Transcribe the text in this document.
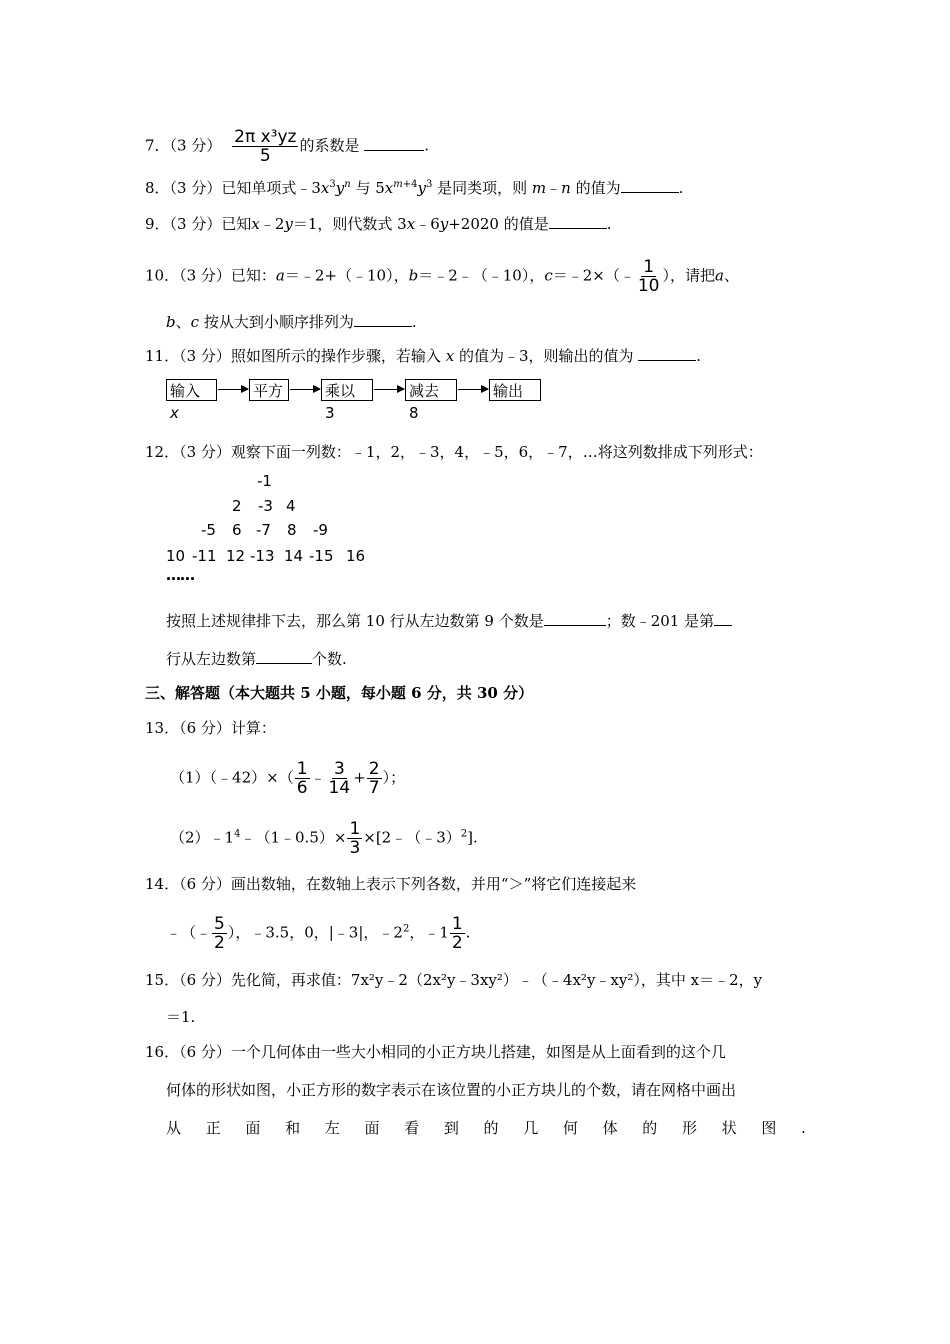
7．（3 分） $\frac{\text{2π x³yz}}{5}$ 的系数是	.
8．（3 分）已知单项式$﹣3x^3y^n$ 与 $5x^{m+4}y^3$ 是同类项，则 m﹣n 的值为	.
9．（3 分）已知x﹣2y＝1，则代数式 3x﹣6y+2020 的值是	.
10．（3 分）已知：a＝﹣2+（﹣10），b＝﹣2﹣（﹣10），c＝﹣2×（﹣ $\frac{1}{10}$ ），请把a、
b、c 按从大到小顺序排列为	.
11．（3 分）照如图所示的操作步骤，若输入 x 的值为﹣3，则输出的值为	.
输入 x
平方	乘以 3
减去 8
输出
12．（3 分）观察下面一列数：﹣1，2，﹣3，4，﹣5，6，﹣7，…将这列数排成下列形式：
-1
2 -3 4
-5 6 -7 8 -9
10 -11 12 -13 14 -15 16
……
按照上述规律排下去，那么第 10 行从左边数第 9 个数是	；数﹣201 是第
行从左边数第	个数.
三、解答题（本大题共 5 小题，每小题 6 分，共 30 分）
13．（6 分）计算：
（1）（﹣42）×（ $\frac{1}{6}$ ﹣ $\frac{3}{14} + \frac{2}{7}$ ）；
$(2)﹣1^4﹣(1﹣0.5)\times \frac{1}{3}$ ×[2﹣（﹣3）$^2$].
14．（6 分）画出数轴，在数轴上表示下列各数，并用“＞”将它们连接起来
﹣（﹣ $\frac{5}{2}$ ），﹣3.5，0，|﹣3|，$﹣2^2$，﹣1 $\frac{1}{2}$ .
15．（6 分）先化简，再求值：7x²y﹣2（2x²y﹣3xy²）﹣（﹣4x²y﹣xy²），其中 x＝﹣2，y
＝1.
16．（6 分）一个几何体由一些大小相同的小正方块儿搭建，如图是从上面看到的这个几
何体的形状如图，小正方形的数字表示在该位置的小正方块儿的个数，请在网格中画出
从 正 面 和 左 面 看 到 的 几 何 体 的 形 状 图 .
